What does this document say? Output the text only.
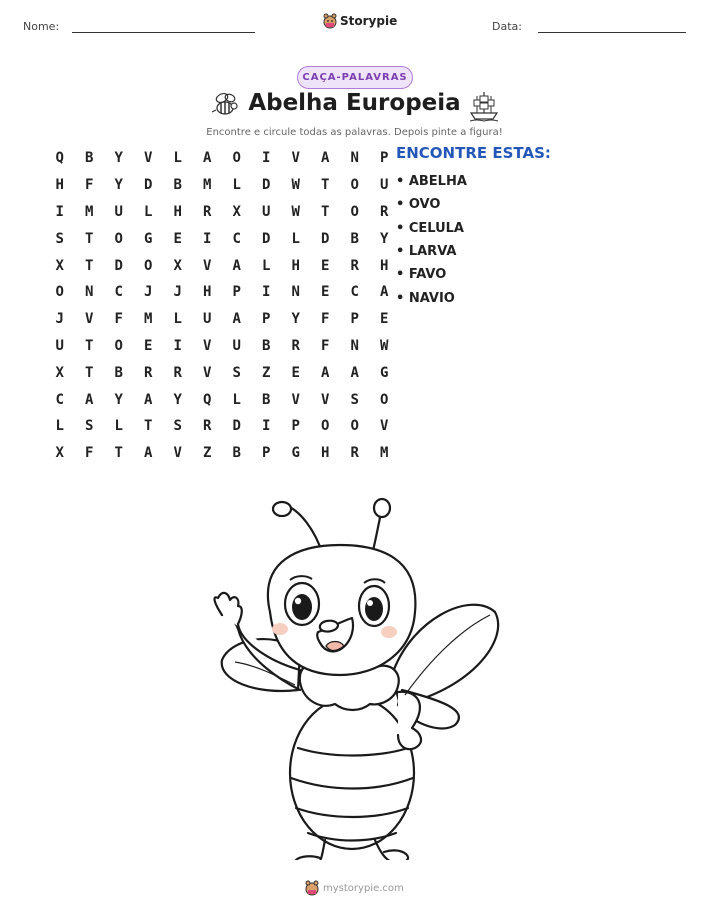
Nome:	Storypie	Data:
CAÇA-PALAVRAS
Abelha Europeia
Encontre e circule todas as palavras. Depois pinte a figura!
Q	B	Y	V	L	A	O	I	V	A	N	P
H	F	Y	D	B	M	L	D	W	T	O	U
I	M	U	L	H	R	X	U	W	T	O	R
S	T	O	G	E	I	C	D	L	D	B	Y
X	T	D	O	X	V	A	L	H	E	R	H
O	N	C	J	J	H	P	I	N	E	C	A
J	V	F	M	L	U	A	P	Y	F	P	E
U	T	O	E	I	V	U	B	R	F	N	W
X	T	B	R	R	V	S	Z	E	A	A	G
C	A	Y	A	Y	Q	L	B	V	V	S	O
L	S	L	T	S	R	D	I	P	O	O	V
X	F	T	A	V	Z	B	P	G	H	R	M
ENCONTRE ESTAS:
• ABELHA
• OVO
• CELULA
• LARVA
• FAVO
• NAVIO
mystorypie.com
